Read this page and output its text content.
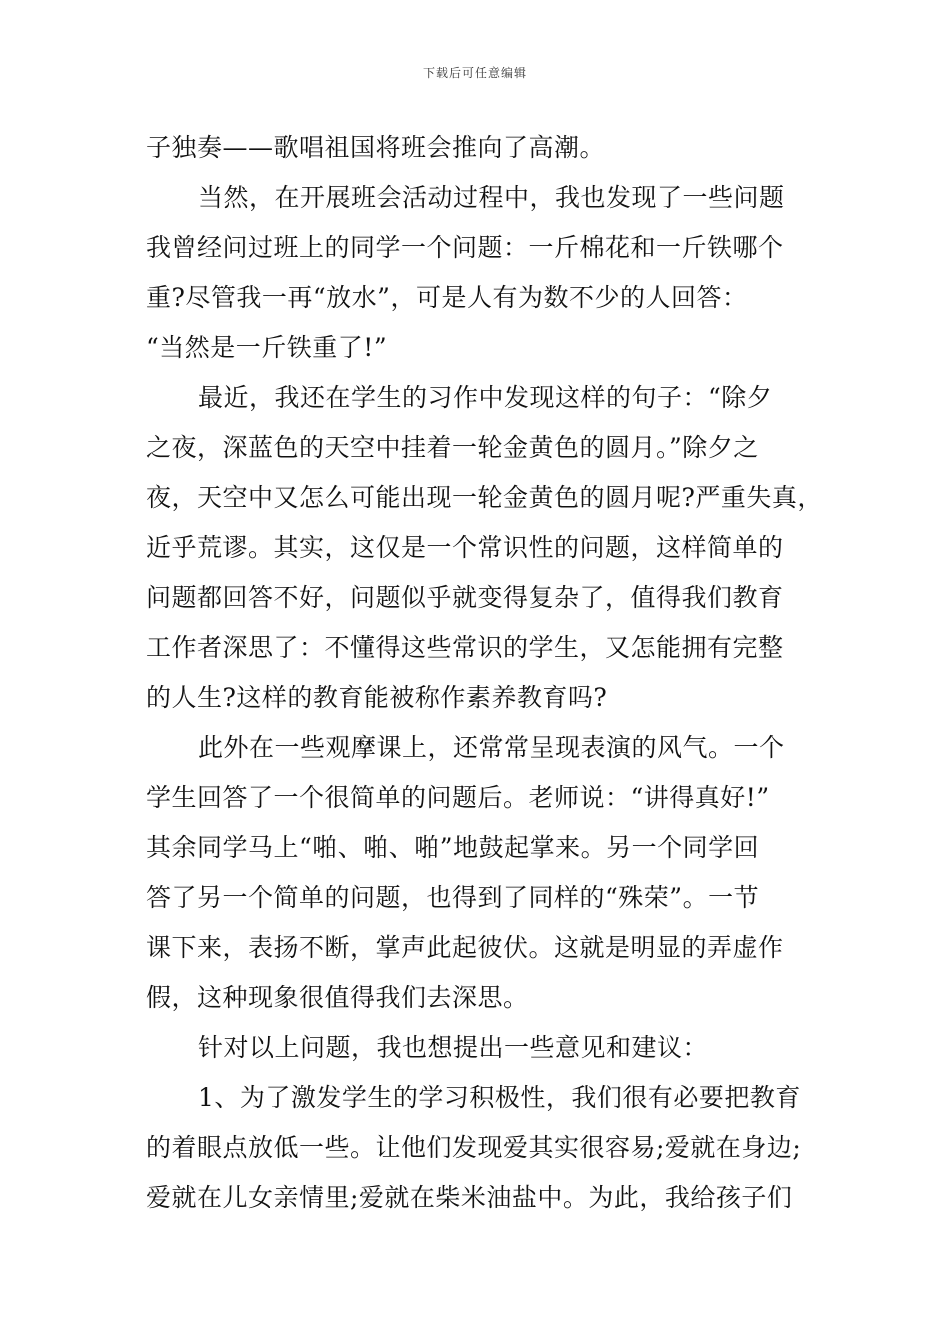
下载后可任意编辑
子独奏——歌唱祖国将班会推向了高潮。
当然，在开展班会活动过程中，我也发现了一些问题
我曾经问过班上的同学一个问题：一斤棉花和一斤铁哪个
重?尽管我一再“放水”，可是人有为数不少的人回答：
“当然是一斤铁重了!”
最近，我还在学生的习作中发现这样的句子：“除夕
之夜，深蓝色的天空中挂着一轮金黄色的圆月。”除夕之
夜，天空中又怎么可能出现一轮金黄色的圆月呢?严重失真，
近乎荒谬。其实，这仅是一个常识性的问题，这样简单的
问题都回答不好，问题似乎就变得复杂了，值得我们教育
工作者深思了：不懂得这些常识的学生，又怎能拥有完整
的人生?这样的教育能被称作素养教育吗?
此外在一些观摩课上，还常常呈现表演的风气。一个
学生回答了一个很简单的问题后。老师说：“讲得真好!”
其余同学马上“啪、啪、啪”地鼓起掌来。另一个同学回
答了另一个简单的问题，也得到了同样的“殊荣”。一节
课下来，表扬不断，掌声此起彼伏。这就是明显的弄虚作
假，这种现象很值得我们去深思。
针对以上问题，我也想提出一些意见和建议：
1、为了激发学生的学习积极性，我们很有必要把教育
的着眼点放低一些。让他们发现爱其实很容易;爱就在身边;
爱就在儿女亲情里;爱就在柴米油盐中。为此，我给孩子们
